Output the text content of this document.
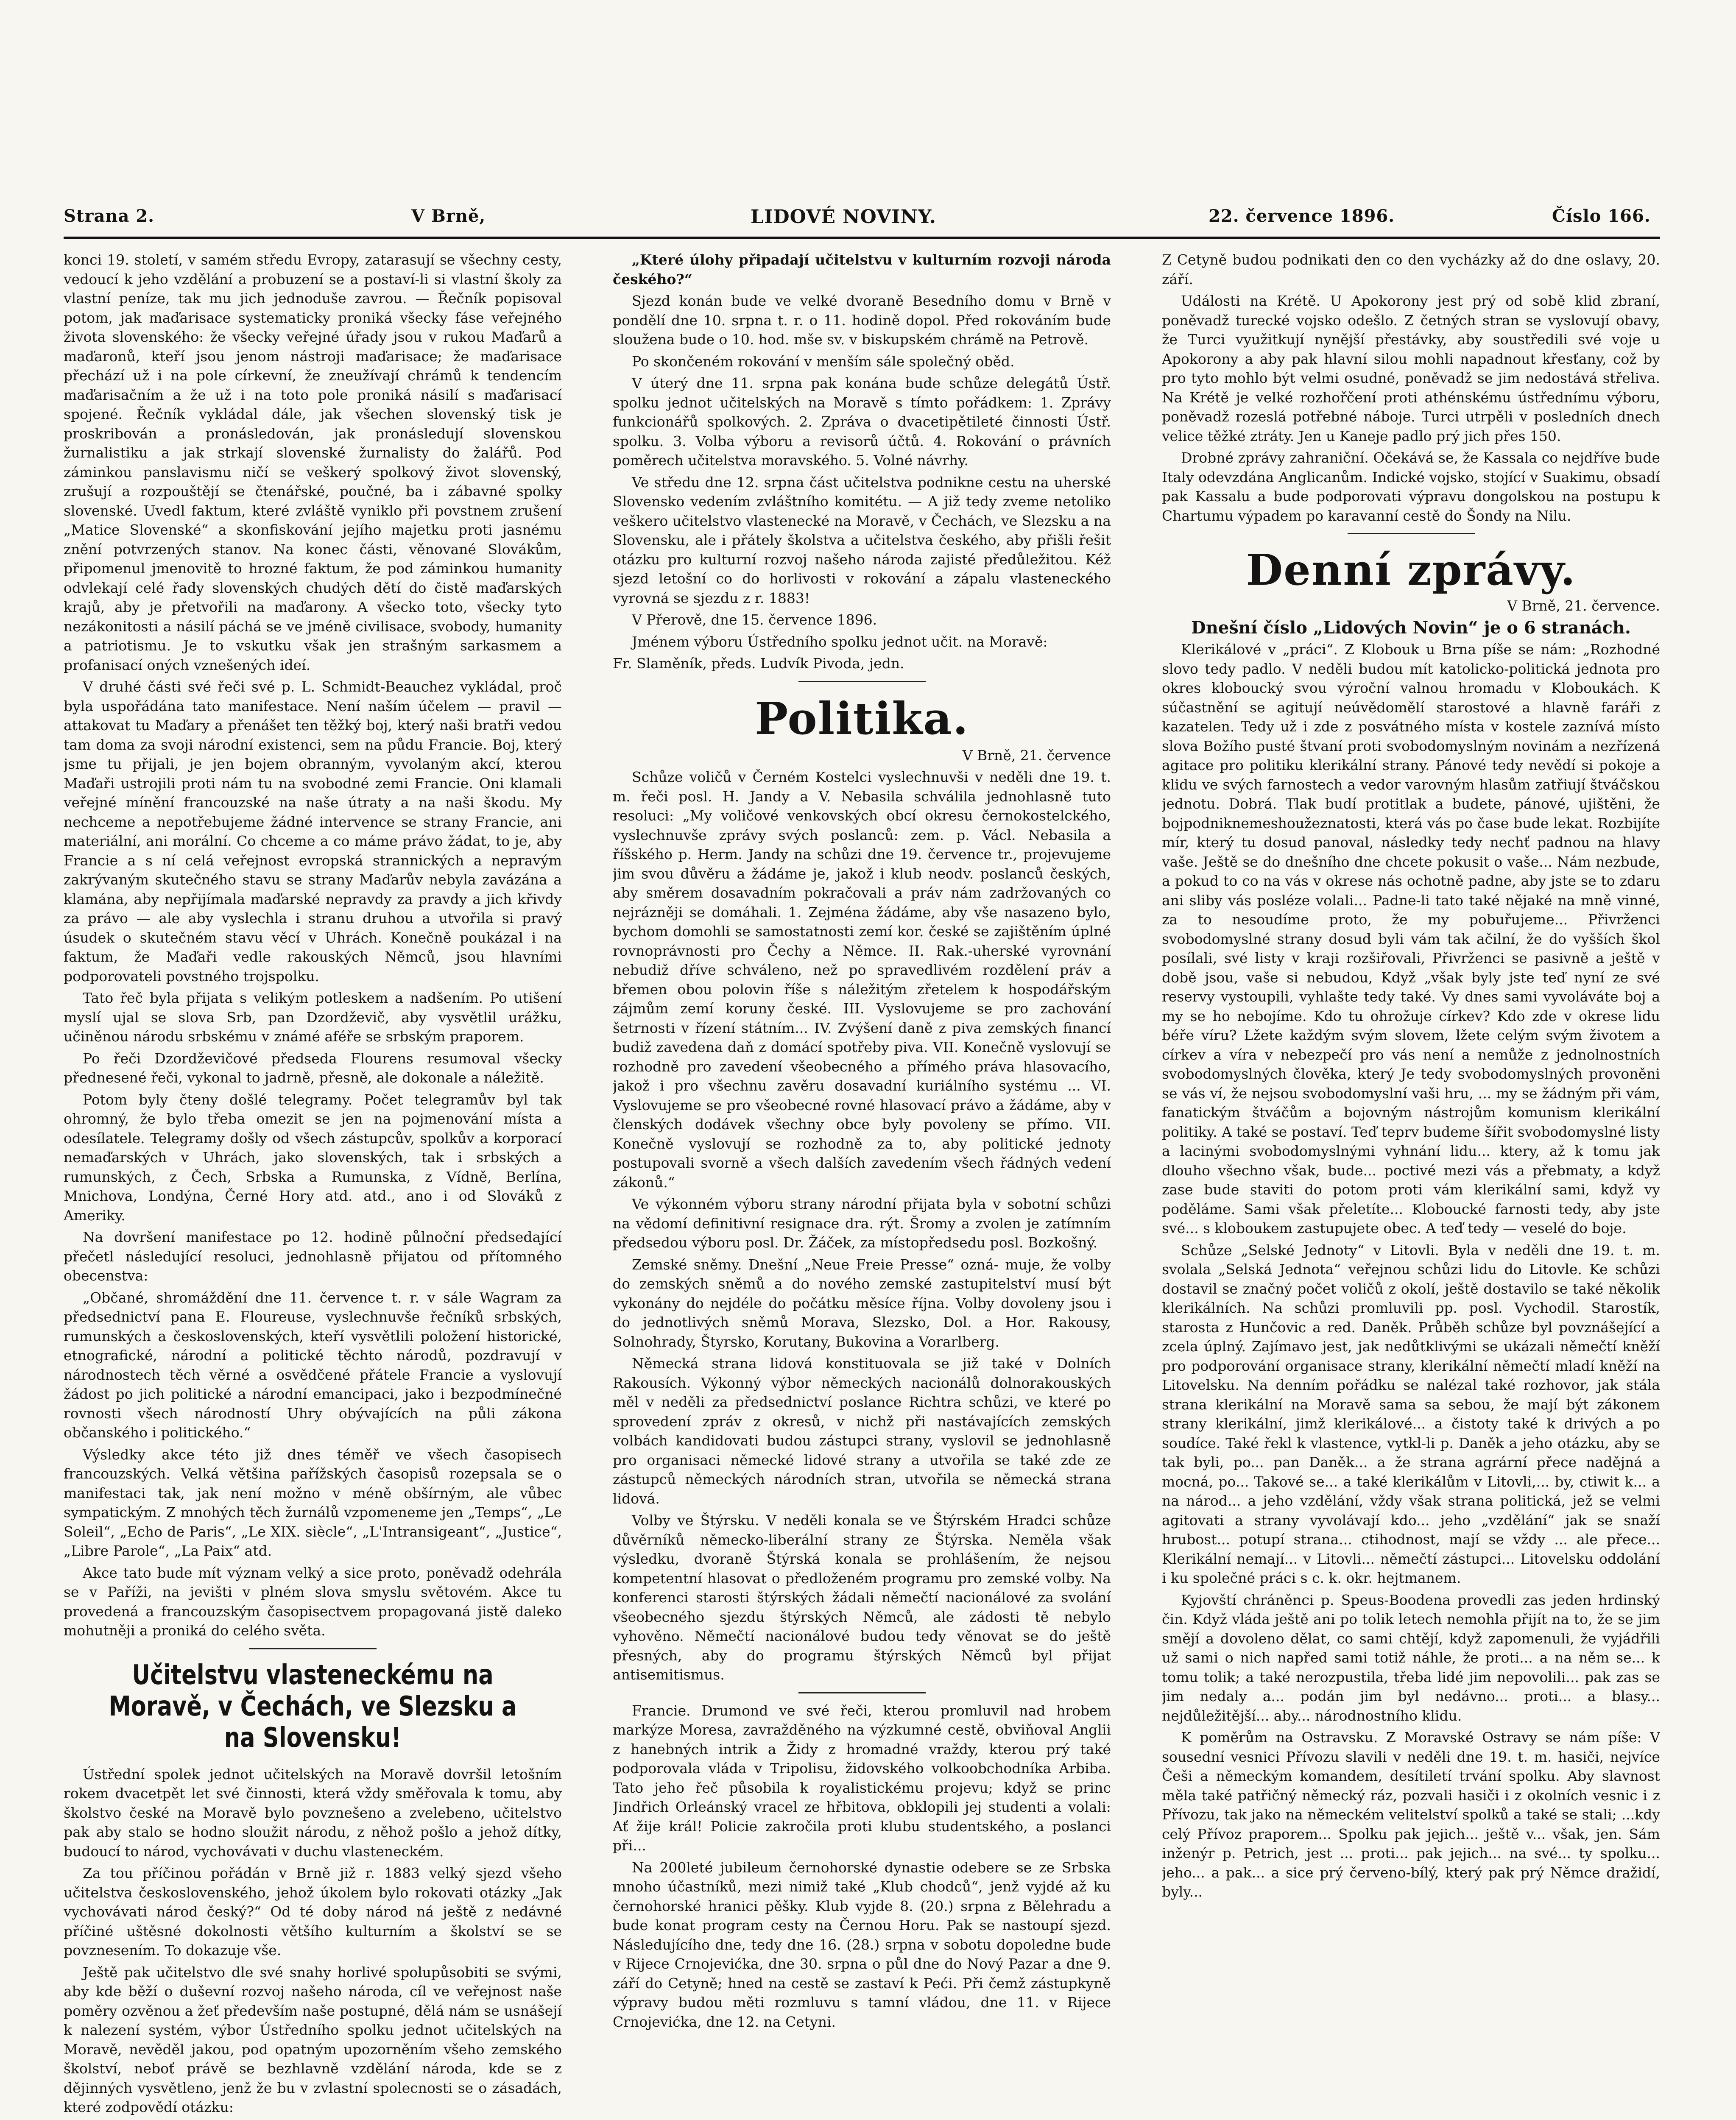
Strana 2.	V Brně,	LIDOVÉ NOVINY.	22. července 1896.	Číslo 166.

konci 19. století, v samém středu Evropy, zatarasují se všechny cesty, vedoucí k jeho vzdělání a probuzení se a postaví-li si vlastní školy za vlastní peníze, tak mu jich jednoduše zavrou. — Řečník popisoval potom, jak maďarisace systematicky proniká všecky fáse veřejného života slovenského: že všecky veřejné úřady jsou v rukou Maďarů a maďaronů, kteří jsou jenom nástroji maďarisace; že maďarisace přechází už i na pole církevní, že zneužívají chrámů k tendencím maďarisačním a že už i na toto pole proniká násilí s maďarisací spojené. Řečník vykládal dále, jak všechen slovenský tisk je proskribován a pronásledován, jak pronásledují slovenskou žurnalistiku a jak strkají slovenské žurnalisty do žalářů. Pod záminkou panslavismu ničí se veškerý spolkový život slovenský, zrušují a rozpouštějí se čtenářské, poučné, ba i zábavné spolky slovenské. Uvedl faktum, které zvláště vyniklo při povstnem zrušení „Matice Slovenské“ a skonfiskování jejího majetku proti jasnému znění potvrzených stanov. Na konec části, věnované Slovákům, připomenul jmenovitě to hrozné faktum, že pod záminkou humanity odvlekají celé řady slovenských chudých dětí do čistě maďarských krajů, aby je přetvořili na maďarony. A všecko toto, všecky tyto nezákonitosti a násilí páchá se ve jméně civilisace, svobody, humanity a patriotismu. Je to vskutku však jen strašným sarkasmem a profanisací oných vznešených ideí.

V druhé části své řeči své p. L. Schmidt-Beauchez vykládal, proč byla uspořádána tato manifestace. Není naším účelem — pravil — attakovat tu Maďary a přenášet ten těžký boj, který naši bratři vedou tam doma za svoji národní existenci, sem na půdu Francie. Boj, který jsme tu přijali, je jen bojem obranným, vyvolaným akcí, kterou Maďaři ustrojili proti nám tu na svobodné zemi Francie. Oni klamali veřejné mínění francouzské na naše útraty a na naši škodu. My nechceme a nepotřebujeme žádné intervence se strany Francie, ani materiální, ani morální. Co chceme a co máme právo žádat, to je, aby Francie a s ní celá veřejnost evropská strannických a nepravým zakrývaným skutečného stavu se strany Maďarův nebyla zavázána a klamána, aby nepřijímala maďarské nepravdy za pravdy a jich křivdy za právo — ale aby vyslechla i stranu druhou a utvořila si pravý úsudek o skutečném stavu věcí v Uhrách. Konečně poukázal i na faktum, že Maďaři vedle rakouských Němců, jsou hlavními podporovateli povstného trojspolku.

Tato řeč byla přijata s velikým potleskem a nadšením. Po utišení myslí ujal se slova Srb, pan Dzordževič, aby vysvětlil urážku, učiněnou národu srbskému v známé aféře se srbským praporem.

Po řeči Dzordževičové předseda Flourens resumoval všecky přednesené řeči, vykonal to jadrně, přesně, ale dokonale a náležitě.

Potom byly čteny došlé telegramy. Počet telegramův byl tak ohromný, že bylo třeba omezit se jen na pojmenování místa a odesílatele. Telegramy došly od všech zástupcův, spolkův a korporací nemaďarských v Uhrách, jako slovenských, tak i srbských a rumunských, z Čech, Srbska a Rumunska, z Vídně, Berlína, Mnichova, Londýna, Černé Hory atd. atd., ano i od Slováků z Ameriky.

Na dovršení manifestace po 12. hodině půlnoční předsedající přečetl následující resoluci, jednohlasně přijatou od přítomného obecenstva:

„Občané, shromáždění dne 11. července t. r. v sále Wagram za předsednictví pana E. Floureuse, vyslechnuvše řečníků srbských, rumunských a československých, kteří vysvětlili položení historické, etnografické, národní a politické těchto národů, pozdravují v národnostech těch věrné a osvědčené přátele Francie a vyslovují žádost po jich politické a národní emancipaci, jako i bezpodmínečné rovnosti všech národností Uhry obývajících na půli zákona občanského i politického.“

Výsledky akce této již dnes téměř ve všech časopisech francouzských. Velká většina pařížských časopisů rozepsala se o manifestaci tak, jak není možno v méně obšírným, ale vůbec sympatickým. Z mnohých těch žurnálů vzpomeneme jen „Temps“, „Le Soleil“, „Echo de Paris“, „Le XIX. siècle“, „L'Intransigeant“, „Justice“, „Libre Parole“, „La Paix“ atd.

Akce tato bude mít význam velký a sice proto, poněvadž odehrála se v Paříži, na jevišti v plném slova smyslu světovém. Akce tu provedená a francouzským časopisectvem propagovaná jistě daleko mohutněji a proniká do celého světa.

Učitelstvu vlasteneckému na Moravě, v Čechách, ve Slezsku a na Slovensku!

Ústřední spolek jednot učitelských na Moravě dovršil letošním rokem dvacetpět let své činnosti, která vždy směřovala k tomu, aby školstvo české na Moravě bylo povznešeno a zvelebeno, učitelstvo pak aby stalo se hodno sloužit národu, z něhož pošlo a jehož dítky, budoucí to národ, vychovávati v duchu vlasteneckém.

Za tou příčinou pořádán v Brně již r. 1883 velký sjezd všeho učitelstva československého, jehož úkolem bylo rokovati otázky „Jak vychovávati národ český?“ Od té doby národ ná ještě z nedávné příčiné uštěsné dokolnosti většího kulturním a školství se se povznesením. To dokazuje vše.

Ještě pak učitelstvo dle své snahy horlivé spolupůsobiti se svými, aby kde běží o duševní rozvoj našeho národa, cíl ve veřejnost naše poměry ozvěnou a žeť především naše postupné, dělá nám se usnášejí k nalezení systém, výbor Ústředního spolku jednot učitelských na Moravě, nevěděl jakou, pod opatným upozorněním všeho zemského školství, neboť právě se bezhlavně vzdělání národa, kde se z dějinných vysvětleno, jenž že bu v zvlastní spolecnosti se o zásadách, které zodpovědí otázku:

„Které úlohy připadají učitelstvu v kulturním rozvoji národa českého?“

Sjezd konán bude ve velké dvoraně Besedního domu v Brně v pondělí dne 10. srpna t. r. o 11. hodině dopol. Před rokováním bude sloužena bude o 10. hod. mše sv. v biskupském chrámě na Petrově.

Po skončeném rokování v menším sále společný oběd.

V úterý dne 11. srpna pak konána bude schůze delegátů Ústř. spolku jednot učitelských na Moravě s tímto pořádkem: 1. Zprávy funkcionářů spolkových. 2. Zpráva o dvacetipětileté činnosti Ústř. spolku. 3. Volba výboru a revisorů účtů. 4. Rokování o právních poměrech učitelstva moravského. 5. Volné návrhy.

Ve středu dne 12. srpna část učitelstva podnikne cestu na uherské Slovensko vedením zvláštního komitétu. — A již tedy zveme netoliko veškero učitelstvo vlastenecké na Moravě, v Čechách, ve Slezsku a na Slovensku, ale i přátely školstva a učitelstva českého, aby přišli řešit otázku pro kulturní rozvoj našeho národa zajisté předůležitou. Kéž sjezd letošní co do horlivosti v rokování a zápalu vlasteneckého vyrovná se sjezdu z r. 1883!

V Přerově, dne 15. července 1896.

Jménem výboru Ústředního spolku jednot učit. na Moravě:

Fr. Slaměník, předs. Ludvík Pivoda, jedn.

Politika.

V Brně, 21. července

Schůze voličů v Černém Kostelci vyslechnuvši v neděli dne 19. t. m. řeči posl. H. Jandy a V. Nebasila schválila jednohlasně tuto resoluci: „My voličové venkovských obcí okresu černokostelckého, vyslechnuvše zprávy svých poslanců: zem. p. Václ. Nebasila a říšského p. Herm. Jandy na schůzi dne 19. července tr., projevujeme jim svou důvěru a žádáme je, jakož i klub neodv. poslanců českých, aby směrem dosavadním pokračovali a práv nám zadržovaných co nejrázněji se domáhali. 1. Zejména žádáme, aby vše nasazeno bylo, bychom domohli se samostatnosti zemí kor. české se zajištěním úplné rovnoprávnosti pro Čechy a Němce. II. Rak.-uherské vyrovnání nebudiž dříve schváleno, než po spravedlivém rozdělení práv a břemen obou polovin říše s náležitým zřetelem k hospodářským zájmům zemí koruny české. III. Vyslovujeme se pro zachování šetrnosti v řízení státním... IV. Zvýšení daně z piva zemských financí budiž zavedena daň z domácí spotřeby piva. VII. Konečně vyslovují se rozhodně pro zavedení všeobecného a přímého práva hlasovacího, jakož i pro všechnu zavěru dosavadní kuriálního systému ... VI. Vyslovujeme se pro všeobecné rovné hlasovací právo a žádáme, aby v členských dodávek všechny obce byly povoleny se přímo. VII. Konečně vyslovují se rozhodně za to, aby politické jednoty postupovali svorně a všech dalších zavedením všech řádných vedení zákonů.“

Ve výkonném výboru strany národní přijata byla v sobotní schůzi na vědomí definitivní resignace dra. rýt. Šromy a zvolen je zatímním předsedou výboru posl. Dr. Žáček, za místopředsedu posl. Bozkošný.

Zemské sněmy. Dnešní „Neue Freie Presse“ ozná- muje, že volby do zemských sněmů a do nového zemské zastupitelství musí být vykonány do nejdéle do počátku měsíce října. Volby dovoleny jsou i do jednotlivých sněmů Morava, Slezsko, Dol. a Hor. Rakousy, Solnohrady, Štyrsko, Korutany, Bukovina a Vorarlberg.

Německá strana lidová konstituovala se již také v Dolních Rakousích. Výkonný výbor německých nacionálů dolnorakouských měl v neděli za předsednictví poslance Richtra schůzi, ve které po sprovedení zpráv z okresů, v nichž při nastávajících zemských volbách kandidovati budou zástupci strany, vyslovil se jednohlasně pro organisaci německé lidové strany a utvořila se také zde ze zástupců německých národních stran, utvořila se německá strana lidová.

Volby ve Štýrsku. V neděli konala se ve Štýrském Hradci schůze důvěrníků německo-liberální strany ze Štýrska. Neměla však výsledku, dvoraně Štýrská konala se prohlášením, že nejsou kompetentní hlasovat o předloženém programu pro zemské volby. Na konferenci starosti štýrských žádali němečtí nacionálové za svolání všeobecného sjezdu štýrských Němců, ale zádosti tě nebylo vyhověno. Němečtí nacionálové budou tedy věnovat se do ještě přesných, aby do programu štýrských Němců byl přijat antisemitismus.

Francie. Drumond ve své řeči, kterou promluvil nad hrobem markýze Moresa, zavražděného na výzkumné cestě, obviňoval Anglii z hanebných intrik a Židy z hromadné vraždy, kterou prý také podporovala vláda v Tripolisu, židovského volkoobchodníka Arbiba. Tato jeho řeč působila k royalistickému projevu; když se princ Jindřich Orleánský vracel ze hřbitova, obklopili jej studenti a volali: Ať žije král! Policie zakročila proti klubu studentského, a poslanci při...

Na 200leté jubileum černohorské dynastie odebere se ze Srbska mnoho účastníků, mezi nimiž také „Klub chodců“, jenž vyjdé až ku černohorské hranici pěšky. Klub vyjde 8. (20.) srpna z Bělehradu a bude konat program cesty na Černou Horu. Pak se nastoupí sjezd. Následujícího dne, tedy dne 16. (28.) srpna v sobotu dopoledne bude v Rijece Crnojevićka, dne 30. srpna o půl dne do Nový Pazar a dne 9. září do Cetyně; hned na cestě se zastaví k Peći. Při čemž zástupkyně výpravy budou měti rozmluvu s tamní vládou, dne 11. v Rijece Crnojevićka, dne 12. na Cetyni.

Z Cetyně budou podnikati den co den vycházky až do dne oslavy, 20. září.

Události na Krétě. U Apokorony jest prý od sobě klid zbraní, poněvadž turecké vojsko odešlo. Z četných stran se vyslovují obavy, že Turci využitkují nynější přestávky, aby soustředili své voje u Apokorony a aby pak hlavní silou mohli napadnout křesťany, což by pro tyto mohlo být velmi osudné, poněvadž se jim nedostává střeliva. Na Krétě je velké rozhořčení proti athénskému ústřednímu výboru, poněvadž rozeslá potřebné náboje. Turci utrpěli v posledních dnech velice těžké ztráty. Jen u Kaneje padlo prý jich přes 150.

Drobné zprávy zahraniční. Očekává se, že Kassala co nejdříve bude Italy odevzdána Anglicanům. Indické vojsko, stojící v Suakimu, obsadí pak Kassalu a bude podporovati výpravu dongolskou na postupu k Chartumu výpadem po karavanní cestě do Šondy na Nilu.

Denní zprávy.

V Brně, 21. července.

Dnešní číslo „Lidových Novin“ je o 6 stranách.

Klerikálové v „práci“. Z Klobouk u Brna píše se nám: „Rozhodné slovo tedy padlo. V neděli budou mít katolicko-politická jednota pro okres kloboucký svou výroční valnou hromadu v Kloboukách. K súčastnění se agitují neúvědomělí starostové a hlavně faráři z kazatelen. Tedy už i zde z posvátného místa v kostele zaznívá místo slova Božího pusté štvaní proti svobodomyslným novinám a nezřízená agitace pro politiku klerikální strany. Pánové tedy nevědí si pokoje a klidu ve svých farnostech a vedor varovným hlasům zatřiují štváčskou jednotu. Dobrá. Tlak budí protitlak a budete, pánové, ujištěni, že bojpodniknemeshoužeznatosti, která vás po čase bude lekat. Rozbijíte mír, který tu dosud panoval, následky tedy nechť padnou na hlavy vaše. Ještě se do dnešního dne chcete pokusit o vaše... Nám nezbude, a pokud to co na vás v okrese nás ochotně padne, aby jste se to zdaru ani sliby vás posléze volali... Padne-li tato také nějaké na mně vinné, za to nesoudíme proto, že my pobuřujeme... Přivrženci svobodomyslné strany dosud byli vám tak ačilní, že do vyšších škol posílali, své listy v kraji rozšiřovali, Přivrženci se pasivně a ještě v době jsou, vaše si nebudou, Když „však byly jste teď nyní ze své reservy vystoupili, vyhlašte tedy také. Vy dnes sami vyvoláváte boj a my se ho nebojíme. Kdo tu ohrožuje církev? Kdo zde v okrese lidu béře víru? Lžete každým svým slovem, lžete celým svým životem a církev a víra v nebezpečí pro vás není a nemůže z jednolnostních svobodomyslných člověka, který Je tedy svobodomyslných provoněni se vás ví, že nejsou svobodomyslní vaši hru, ... my se žádným při vám, fanatickým štváčům a bojovným nástrojům komunism klerikální politiky. A také se postaví. Teď teprv budeme šířit svobodomyslné listy a lacinými svobodomyslnými vyhnání lidu... ktery, až k tomu jak dlouho všechno však, bude... poctivé mezi vás a přebmaty, a když zase bude staviti do potom proti vám klerikální sami, když vy poděláme. Sami však přeletíte... Kloboucké farnosti tedy, aby jste své... s kloboukem zastupujete obec. A teď tedy — veselé do boje.

Schůze „Selské Jednoty“ v Litovli. Byla v neděli dne 19. t. m. svolala „Selská Jednota“ veřejnou schůzi lidu do Litovle. Ke schůzi dostavil se značný počet voličů z okolí, ještě dostavilo se také několik klerikálních. Na schůzi promluvili pp. posl. Vychodil. Starostík, starosta z Hunčovic a red. Daněk. Průběh schůze byl povznášející a zcela úplný. Zajímavo jest, jak nedůtklivými se ukázali němečtí kněží pro podporování organisace strany, klerikální němečtí mladí kněží na Litovelsku. Na denním pořádku se nalézal také rozhovor, jak stála strana klerikální na Moravě sama sa sebou, že mají být zákonem strany klerikální, jimž klerikálové... a čistoty také k drivých a po soudíce. Také řekl k vlastence, vytkl-li p. Daněk a jeho otázku, aby se tak byli, po... pan Daněk... a že strana agrární přece nadějná a mocná, po... Takové se... a také klerikálům v Litovli,... by, ctiwit k... a na národ... a jeho vzdělání, vždy však strana politická, jež se velmi agitovati a strany vyvolávají kdo... jeho „vzdělání“ jak se snaží hrubost... potupí strana... ctihodnost, mají se vždy ... ale přece... Klerikální nemají... v Litovli... němečtí zástupci... Litovelsku oddolání i ku společné práci s c. k. okr. hejtmanem.

Kyjovští chráněnci p. Speus-Boodena provedli zas jeden hrdinský čin. Když vláda ještě ani po tolik letech nemohla přijít na to, že se jim smějí a dovoleno dělat, co sami chtějí, když zapomenuli, že vyjádřili už sami o nich napřed sami totiž náhle, že proti... a na něm se... k tomu tolik; a také nerozpustila, třeba lidé jim nepovolili... pak zas se jim nedaly a... podán jim byl nedávno... proti... a blasy... nejdůležitější... aby... národnostního klidu.

K poměrům na Ostravsku. Z Moravské Ostravy se nám píše: V sousední vesnici Přívozu slavili v neděli dne 19. t. m. hasiči, nejvíce Češi a německým komandem, desítiletí trvání spolku. Aby slavnost měla také patřičný německý ráz, pozvali hasiči i z okolních vesnic i z Přívozu, tak jako na německém velitelství spolků a také se stali; ...kdy celý Přívoz praporem... Spolku pak jejich... ještě v... však, jen. Sám inženýr p. Petrich, jest ... proti... pak jejich... na své... ty spolku... jeho... a pak... a sice prý červeno-bílý, který pak prý Němce dražidí, byly...
